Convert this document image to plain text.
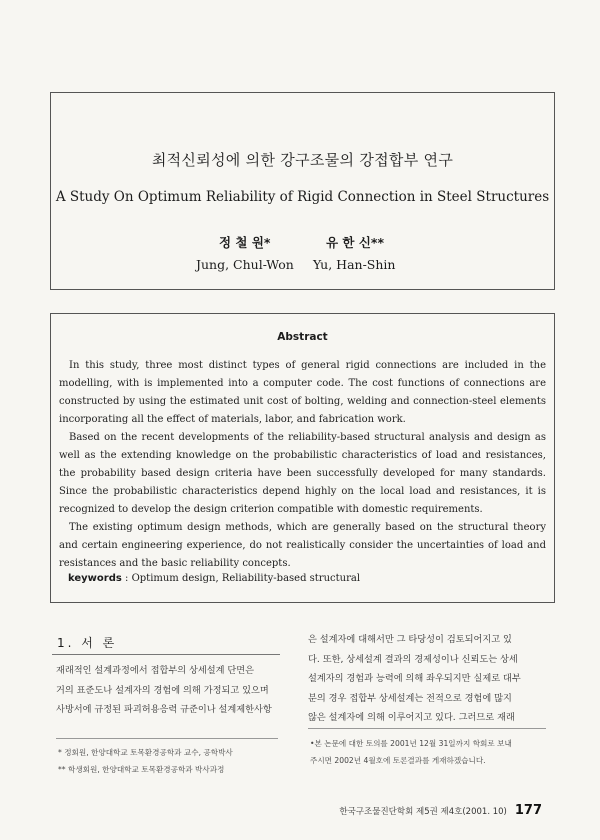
최적신뢰성에 의한 강구조물의 강접합부 연구
A Study On Optimum Reliability of Rigid Connection in Steel Structures
정 철 원*	유 한 신**
Jung, Chul-Won Yu, Han-Shin
Abstract

In this study, three most distinct types of general rigid connections are included in the modelling, with is implemented into a computer code. The cost functions of connections are constructed by using the estimated unit cost of bolting, welding and connection-steel elements incorporating all the effect of materials, labor, and fabrication work.

Based on the recent developments of the reliability-based structural analysis and design as well as the extending knowledge on the probabilistic characteristics of load and resistances, the probability based design criteria have been successfully developed for many standards. Since the probabilistic characteristics depend highly on the local load and resistances, it is recognized to develop the design criterion compatible with domestic requirements.

The existing optimum design methods, which are generally based on the structural theory and certain engineering experience, do not realistically consider the uncertainties of load and resistances and the basic reliability concepts.

keywords : Optimum design, Reliability-based structural
1. 서 론
재래적인 설계과정에서 접합부의 상세설계 단면은
거의 표준도나 설계자의 경험에 의해 가정되고 있으며
사방서에 규정된 파괴허용응력 규준이나 설계제한사항
은 설계자에 대해서만 그 타당성이 검토되어지고 있
다. 또한, 상세설계 결과의 경제성이나 신뢰도는 상세
설계자의 경험과 능력에 의해 좌우되지만 실제로 대부
분의 경우 접합부 상세설계는 전적으로 경험에 많지
않은 설계자에 의해 이루어지고 있다. 그러므로 재래
* 정회원, 한양대학교 토목환경공학과 교수, 공학박사
** 학생회원, 한양대학교 토목환경공학과 박사과정
•본 논문에 대한 토의를 2001년 12월 31일까지 학회로 보내
주시면 2002년 4월호에 토론결과를 게재하겠습니다.
한국구조물진단학회 제5권 제4호(2001. 10) 177
